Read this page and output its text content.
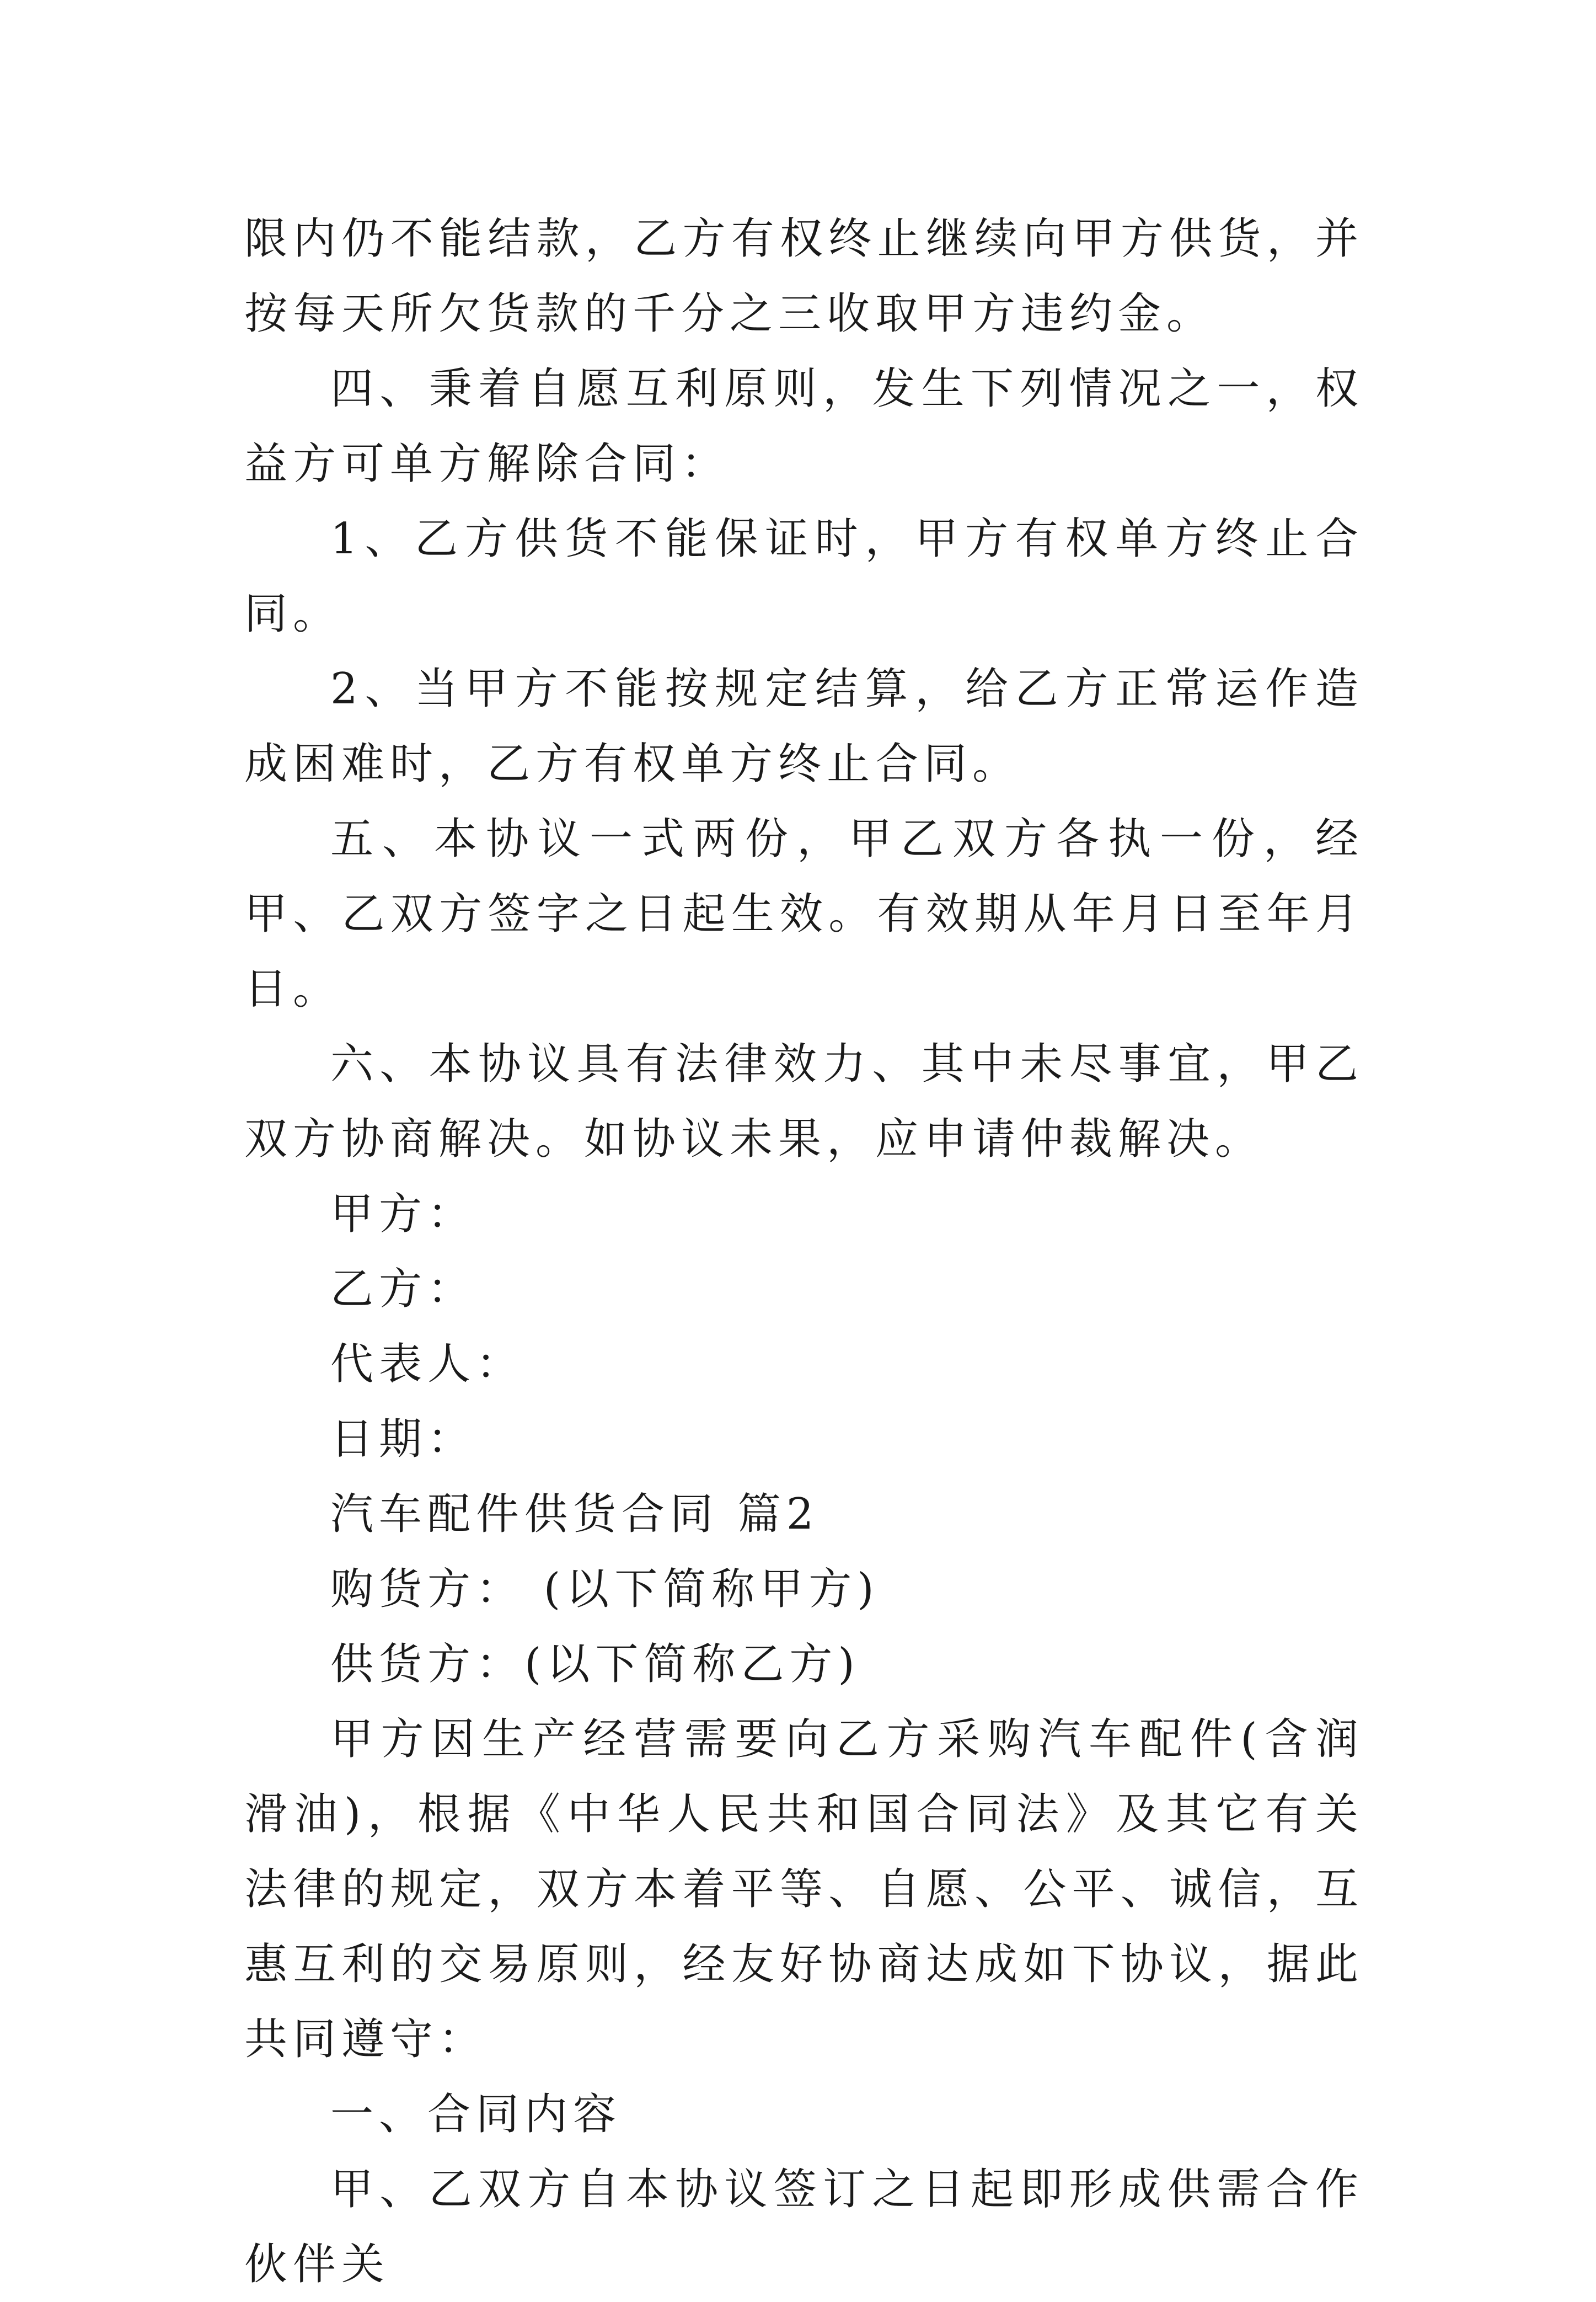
限内仍不能结款，乙方有权终止继续向甲方供货，并按每天所欠货款的千分之三收取甲方违约金。

四、秉着自愿互利原则，发生下列情况之一，权益方可单方解除合同：

1、乙方供货不能保证时，甲方有权单方终止合同。

2、当甲方不能按规定结算，给乙方正常运作造成困难时，乙方有权单方终止合同。

五、本协议一式两份，甲乙双方各执一份，经甲、乙双方签字之日起生效。有效期从年月日至年月日。

六、本协议具有法律效力、其中未尽事宜，甲乙双方协商解决。如协议未果，应申请仲裁解决。

甲方：

乙方：

代表人：

日期：

汽车配件供货合同 篇2

购货方： (以下简称甲方)

供货方：(以下简称乙方)

甲方因生产经营需要向乙方采购汽车配件(含润滑油)，根据《中华人民共和国合同法》及其它有关法律的规定，双方本着平等、自愿、公平、诚信，互惠互利的交易原则，经友好协商达成如下协议，据此共同遵守：

一、合同内容

甲、乙双方自本协议签订之日起即形成供需合作伙伴关
